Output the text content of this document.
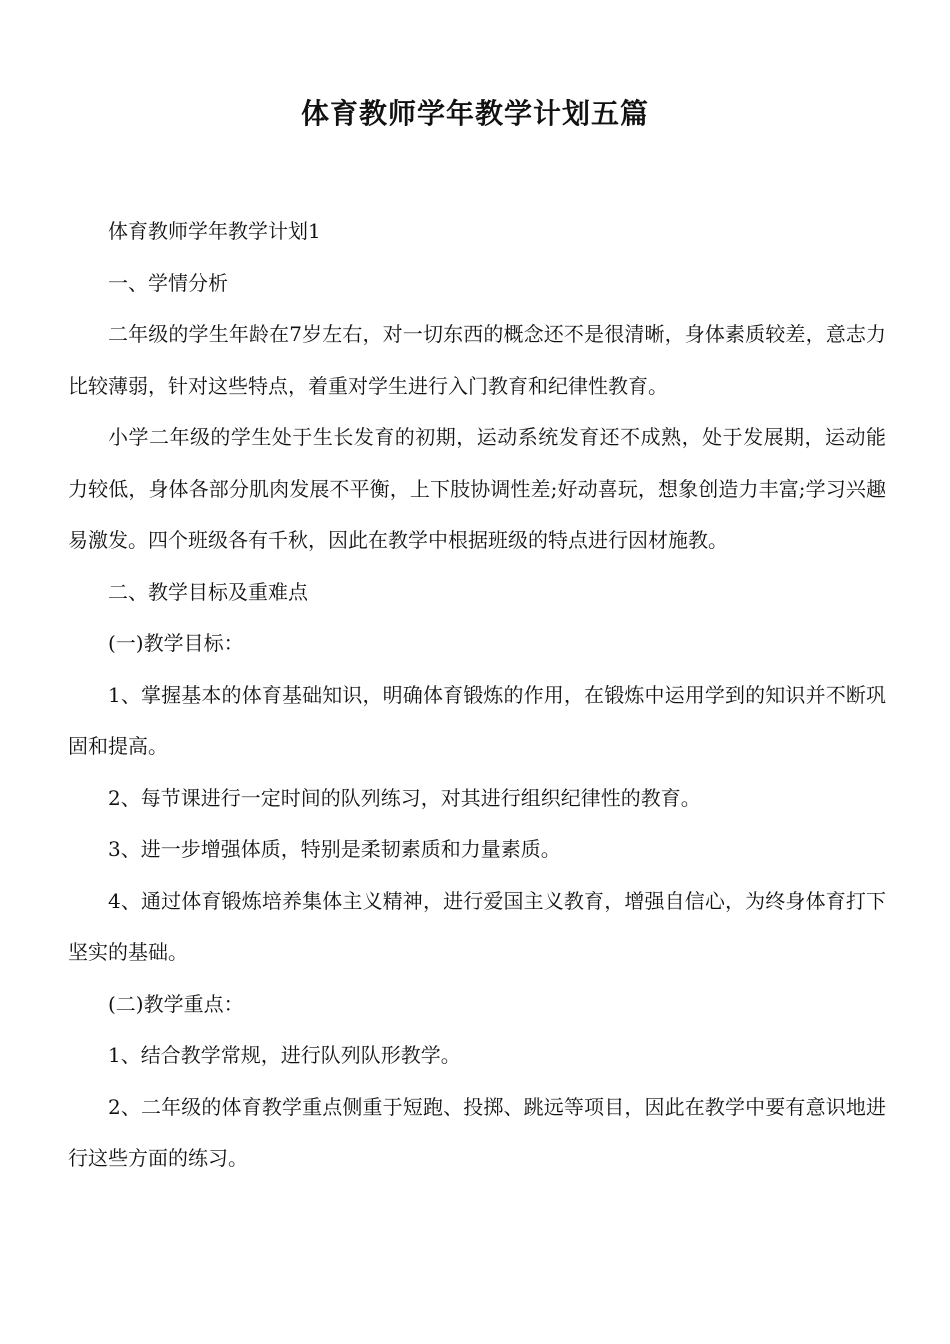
体育教师学年教学计划五篇

体育教师学年教学计划1

一、学情分析

二年级的学生年龄在7岁左右，对一切东西的概念还不是很清晰，身体素质较差，意志力比较薄弱，针对这些特点，着重对学生进行入门教育和纪律性教育。

小学二年级的学生处于生长发育的初期，运动系统发育还不成熟，处于发展期，运动能力较低，身体各部分肌肉发展不平衡，上下肢协调性差;好动喜玩，想象创造力丰富;学习兴趣易激发。四个班级各有千秋，因此在教学中根据班级的特点进行因材施教。

二、教学目标及重难点

(一)教学目标：

1、掌握基本的体育基础知识，明确体育锻炼的作用，在锻炼中运用学到的知识并不断巩固和提高。

2、每节课进行一定时间的队列练习，对其进行组织纪律性的教育。

3、进一步增强体质，特别是柔韧素质和力量素质。

4、通过体育锻炼培养集体主义精神，进行爱国主义教育，增强自信心，为终身体育打下坚实的基础。

(二)教学重点：

1、结合教学常规，进行队列队形教学。

2、二年级的体育教学重点侧重于短跑、投掷、跳远等项目，因此在教学中要有意识地进行这些方面的练习。
